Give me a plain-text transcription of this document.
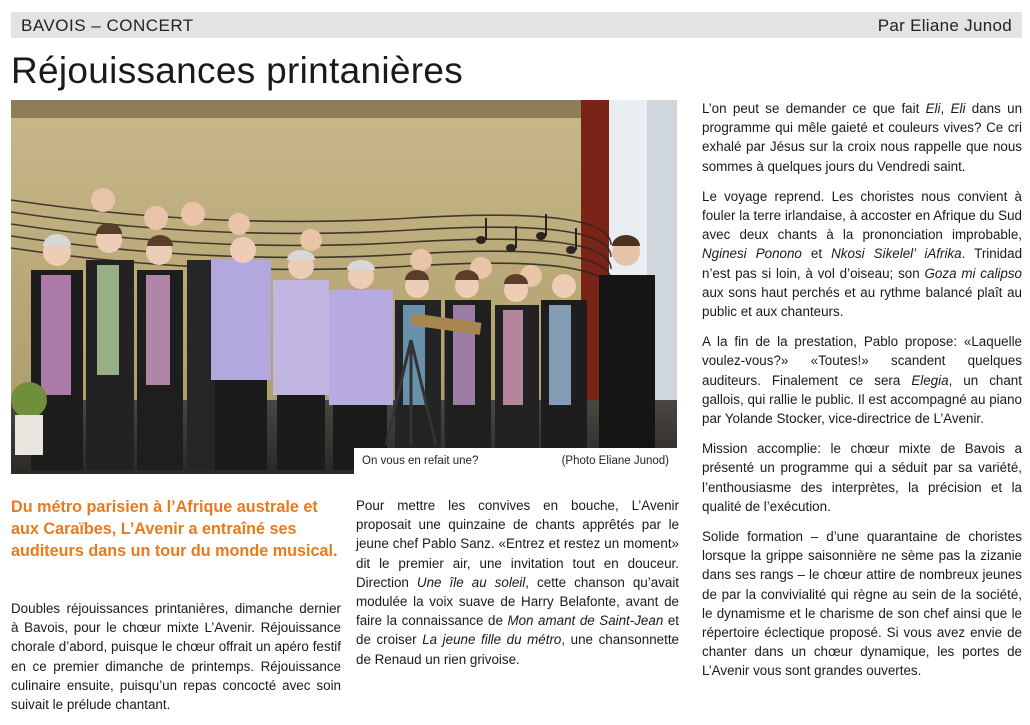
BAVOIS – CONCERT	Par Eliane Junod
Réjouissances printanières
On vous en refait une?	(Photo Eliane Junod)
Du métro parisien à l’Afrique australe et aux Caraïbes, L’Avenir a entraîné ses auditeurs dans un tour du monde musical.

Doubles réjouissances printanières, dimanche dernier à Bavois, pour le chœur mixte L’Avenir. Réjouissance chorale d’abord, puisque le chœur offrait un apéro festif en ce premier dimanche de printemps. Réjouissance culinaire ensuite, puisqu’un repas concocté avec soin suivait le prélude chantant.

Pour mettre les convives en bouche, L’Avenir proposait une quinzaine de chants apprêtés par le jeune chef Pablo Sanz. «Entrez et restez un moment» dit le premier air, une invitation tout en douceur. Direction Une île au soleil, cette chanson qu’avait modulée la voix suave de Harry Belafonte, avant de faire la connaissance de Mon amant de Saint-Jean et de croiser La jeune fille du métro, une chansonnette de Renaud un rien grivoise.

L’on peut se demander ce que fait Eli, Eli dans un programme qui mêle gaieté et couleurs vives? Ce cri exhalé par Jésus sur la croix nous rappelle que nous sommes à quelques jours du Vendredi saint.

Le voyage reprend. Les choristes nous convient à fouler la terre irlandaise, à accoster en Afrique du Sud avec deux chants à la prononciation improbable, Nginesi Ponono et Nkosi Sikelel’ iAfrika. Trinidad n’est pas si loin, à vol d’oiseau; son Goza mi calipso aux sons haut perchés et au rythme balancé plaît au public et aux chanteurs.

A la fin de la prestation, Pablo propose: «Laquelle voulez-vous?» «Toutes!» scandent quelques auditeurs. Finalement ce sera Elegia, un chant gallois, qui rallie le public. Il est accompagné au piano par Yolande Stocker, vice-directrice de L’Avenir.

Mission accomplie: le chœur mixte de Bavois a présenté un programme qui a séduit par sa variété, l’enthousiasme des interprètes, la précision et la qualité de l’exécution.

Solide formation – d’une quarantaine de choristes lorsque la grippe saisonnière ne sème pas la zizanie dans ses rangs – le chœur attire de nombreux jeunes de par la convivialité qui règne au sein de la société, le dynamisme et le charisme de son chef ainsi que le répertoire éclectique proposé. Si vous avez envie de chanter dans un chœur dynamique, les portes de L’Avenir vous sont grandes ouvertes.
